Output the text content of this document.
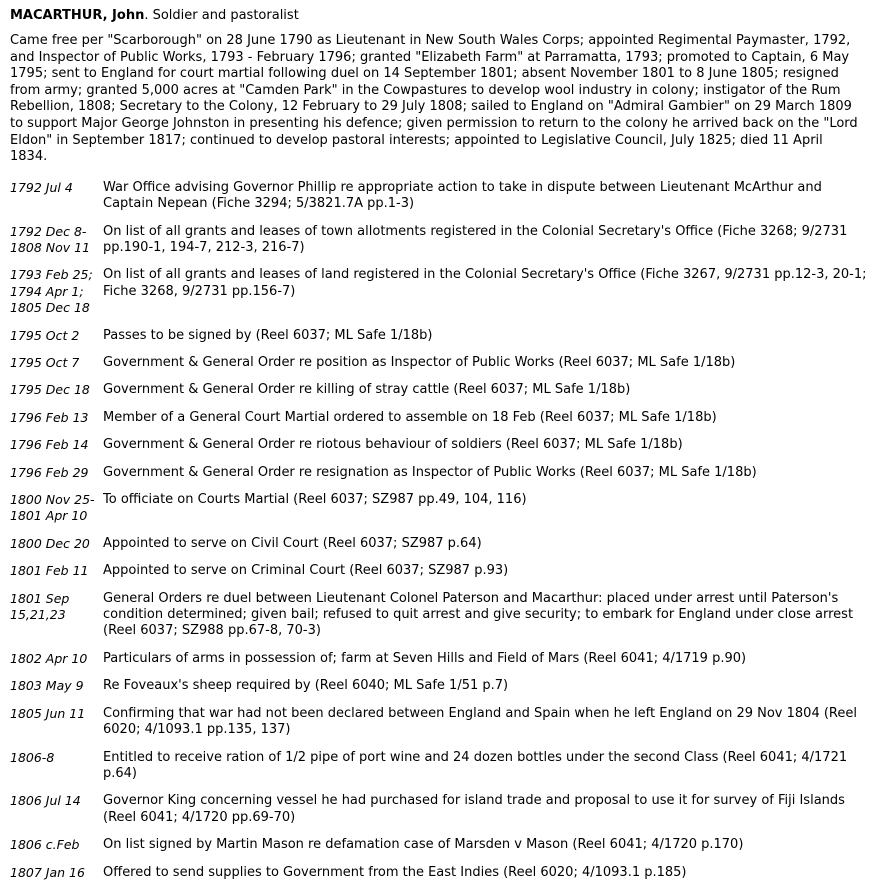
MACARTHUR, John. Soldier and pastoralist
Came free per "Scarborough" on 28 June 1790 as Lieutenant in New South Wales Corps; appointed Regimental Paymaster, 1792, and Inspector of Public Works, 1793 - February 1796; granted "Elizabeth Farm" at Parramatta, 1793; promoted to Captain, 6 May 1795; sent to England for court martial following duel on 14 September 1801; absent November 1801 to 8 June 1805; resigned from army; granted 5,000 acres at "Camden Park" in the Cowpastures to develop wool industry in colony; instigator of the Rum Rebellion, 1808; Secretary to the Colony, 12 February to 29 July 1808; sailed to England on "Admiral Gambier" on 29 March 1809 to support Major George Johnston in presenting his defence; given permission to return to the colony he arrived back on the "Lord Eldon" in September 1817; continued to develop pastoral interests; appointed to Legislative Council, July 1825; died 11 April 1834.
1792 Jul 4	War Office advising Governor Phillip re appropriate action to take in dispute between Lieutenant McArthur and Captain Nepean (Fiche 3294; 5/3821.7A pp.1-3)
1792 Dec 8-1808 Nov 11	On list of all grants and leases of town allotments registered in the Colonial Secretary's Office (Fiche 3268; 9/2731 pp.190-1, 194-7, 212-3, 216-7)
1793 Feb 25; 1794 Apr 1; 1805 Dec 18	On list of all grants and leases of land registered in the Colonial Secretary's Office (Fiche 3267, 9/2731 pp.12-3, 20-1; Fiche 3268, 9/2731 pp.156-7)
1795 Oct 2	Passes to be signed by (Reel 6037; ML Safe 1/18b)
1795 Oct 7	Government & General Order re position as Inspector of Public Works (Reel 6037; ML Safe 1/18b)
1795 Dec 18	Government & General Order re killing of stray cattle (Reel 6037; ML Safe 1/18b)
1796 Feb 13	Member of a General Court Martial ordered to assemble on 18 Feb (Reel 6037; ML Safe 1/18b)
1796 Feb 14	Government & General Order re riotous behaviour of soldiers (Reel 6037; ML Safe 1/18b)
1796 Feb 29	Government & General Order re resignation as Inspector of Public Works (Reel 6037; ML Safe 1/18b)
1800 Nov 25-1801 Apr 10	To officiate on Courts Martial (Reel 6037; SZ987 pp.49, 104, 116)
1800 Dec 20	Appointed to serve on Civil Court (Reel 6037; SZ987 p.64)
1801 Feb 11	Appointed to serve on Criminal Court (Reel 6037; SZ987 p.93)
1801 Sep 15,21,23	General Orders re duel between Lieutenant Colonel Paterson and Macarthur: placed under arrest until Paterson's condition determined; given bail; refused to quit arrest and give security; to embark for England under close arrest (Reel 6037; SZ988 pp.67-8, 70-3)
1802 Apr 10	Particulars of arms in possession of; farm at Seven Hills and Field of Mars (Reel 6041; 4/1719 p.90)
1803 May 9	Re Foveaux's sheep required by (Reel 6040; ML Safe 1/51 p.7)
1805 Jun 11	Confirming that war had not been declared between England and Spain when he left England on 29 Nov 1804 (Reel 6020; 4/1093.1 pp.135, 137)
1806-8	Entitled to receive ration of 1/2 pipe of port wine and 24 dozen bottles under the second Class (Reel 6041; 4/1721 p.64)
1806 Jul 14	Governor King concerning vessel he had purchased for island trade and proposal to use it for survey of Fiji Islands (Reel 6041; 4/1720 pp.69-70)
1806 c.Feb	On list signed by Martin Mason re defamation case of Marsden v Mason (Reel 6041; 4/1720 p.170)
1807 Jan 16	Offered to send supplies to Government from the East Indies (Reel 6020; 4/1093.1 p.185)
